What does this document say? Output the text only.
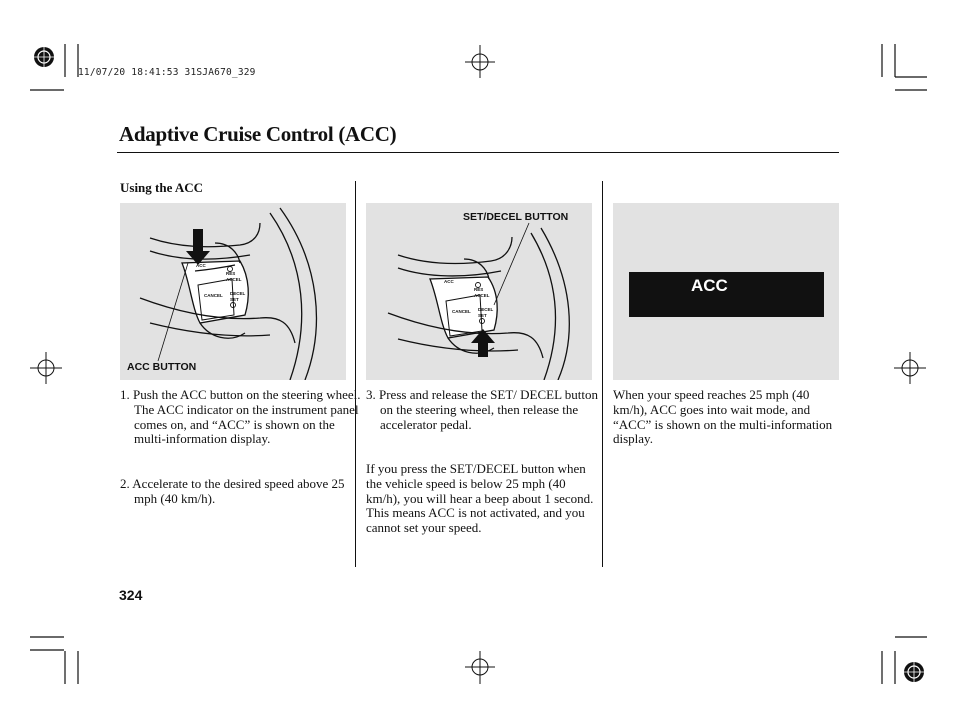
11/07/20 18:41:53 31SJA670_329
Adaptive Cruise Control (ACC)
Using the ACC
ACC
CANCEL
RES
ACCEL
DECEL
SET
ACC BUTTON
1. Push the ACC button on the steering wheel. The ACC indicator on the instrument panel comes on, and “ACC” is shown on the multi-information display.
2. Accelerate to the desired speed above 25 mph (40 km/h).
ACC
CANCEL
RES
ACCEL
DECEL
SET
SET/DECEL BUTTON
3. Press and release the SET/ DECEL button on the steering wheel, then release the accelerator pedal.
If you press the SET/DECEL button when the vehicle speed is below 25 mph (40 km/h), you will hear a beep about 1 second. This means ACC is not activated, and you cannot set your speed.
ACC
When your speed reaches 25 mph (40 km/h), ACC goes into wait mode, and “ACC” is shown on the multi-information display.
324
